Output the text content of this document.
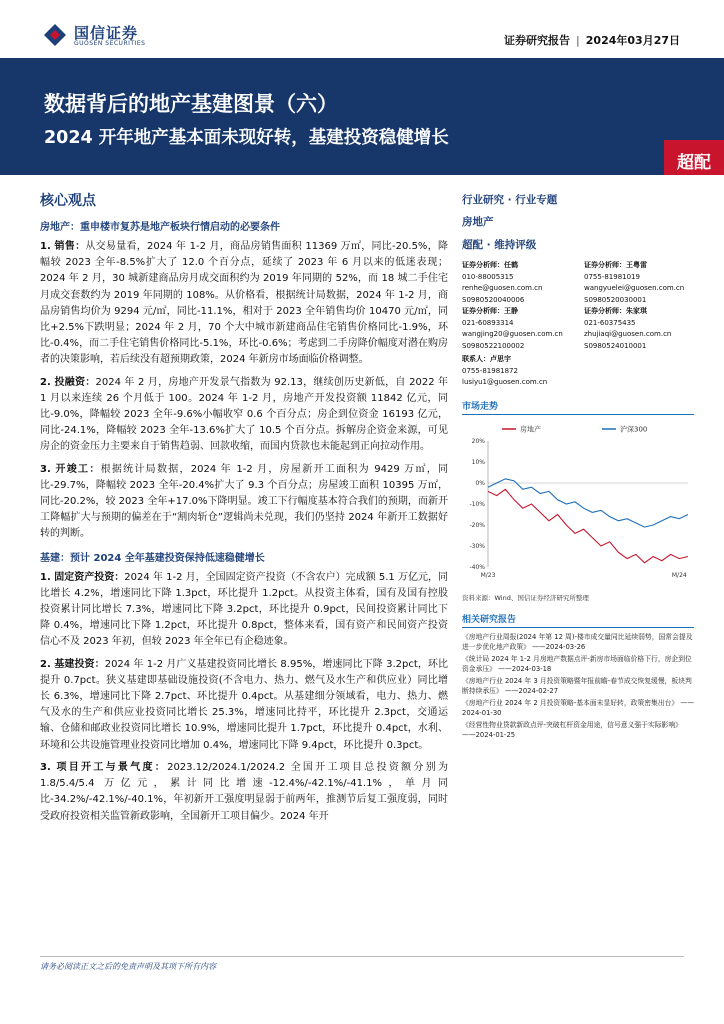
国信证券
GUOSEN SECURITIES	证券研究报告 | 2024年03月27日
数据背后的地产基建图景（六）
2024 开年地产基本面未现好转，基建投资稳健增长
超配
核心观点
房地产：重申楼市复苏是地产板块行情启动的必要条件

1. 销售：从交易量看，2024 年 1-2 月，商品房销售面积 11369 万㎡，同比-20.5%，降幅较 2023 全年-8.5%扩大了 12.0 个百分点，延续了 2023 年 6 月以来的低迷表现；2024 年 2 月，30 城新建商品房月成交面积约为 2019 年同期的 52%，而 18 城二手住宅月成交套数约为 2019 年同期的 108%。从价格看，根据统计局数据，2024 年 1-2 月，商品房销售均价为 9294 元/㎡，同比-11.1%，相对于 2023 全年销售均价 10470 元/㎡，同比+2.5%下跌明显；2024 年 2 月，70 个大中城市新建商品住宅销售价格同比-1.9%，环比-0.4%，而二手住宅销售价格同比-5.1%，环比-0.6%；考虑到二手房降价幅度对潜在购房者的决策影响，若后续没有超预期政策，2024 年新房市场面临价格调整。

2. 投融资：2024 年 2 月，房地产开发景气指数为 92.13，继续创历史新低，自 2022 年 1 月以来连续 26 个月低于 100。2024 年 1-2 月，房地产开发投资额 11842 亿元，同比-9.0%，降幅较 2023 全年-9.6%小幅收窄 0.6 个百分点；房企到位资金 16193 亿元，同比-24.1%，降幅较 2023 全年-13.6%扩大了 10.5 个百分点。拆解房企资金来源，可见房企的资金压力主要来自于销售趋弱、回款收缩，而国内贷款也未能起到正向拉动作用。

3. 开竣工：根据统计局数据，2024 年 1-2 月，房屋新开工面积为 9429 万㎡，同比-29.7%，降幅较 2023 全年-20.4%扩大了 9.3 个百分点；房屋竣工面积 10395 万㎡，同比-20.2%，较 2023 全年+17.0%下降明显。竣工下行幅度基本符合我们的预期，而新开工降幅扩大与预期的偏差在于“割肉斩仓”逻辑尚未兑现，我们仍坚持 2024 年新开工数据好转的判断。

基建：预计 2024 全年基建投资保持低速稳健增长

1. 固定资产投资：2024 年 1-2 月，全国固定资产投资（不含农户）完成额 5.1 万亿元，同比增长 4.2%，增速同比下降 1.3pct，环比提升 1.2pct。从投资主体看，国有及国有控股投资累计同比增长 7.3%，增速同比下降 3.2pct，环比提升 0.9pct，民间投资累计同比下降 0.4%，增速同比下降 1.2pct，环比提升 0.8pct，整体来看，国有资产和民间资产投资信心不及 2023 年初，但较 2023 年全年已有企稳迹象。

2. 基建投资：2024 年 1-2 月广义基建投资同比增长 8.95%，增速同比下降 3.2pct，环比提升 0.7pct。狭义基建即基础设施投资(不含电力、热力、燃气及水生产和供应业）同比增长 6.3%，增速同比下降 2.7pct、环比提升 0.4pct。从基建细分领域看，电力、热力、燃气及水的生产和供应业投资同比增长 25.3%，增速同比持平，环比提升 2.3pct，交通运输、仓储和邮政业投资同比增长 10.9%，增速同比提升 1.7pct，环比提升 0.4pct，水利、环境和公共设施管理业投资同比增加 0.4%，增速同比下降 9.4pct，环比提升 0.3pct。

3. 项目开工与景气度：2023.12/2024.1/2024.2 全国开工项目总投资额分别为 1.8/5.4/5.4 万亿元，累计同比增速-12.4%/-42.1%/-41.1%，单月同比-34.2%/-42.1%/-40.1%，年初新开工强度明显弱于前两年，推测节后复工强度弱，同时受政府投资相关监管新政影响，全国新开工项目偏少。2024 年开

行业研究 · 行业专题
房地产
超配 · 维持评级
证券分析师：任鹤
010-88005315
renhe@guosen.com.cn
S0980520040006
证券分析师：王静
021-60893314
wangjing20@guosen.com.cn
S0980522100002
证券分析师：王粤雷
0755-81981019
wangyuelei@guosen.com.cn
S0980520030001
证券分析师：朱家琪
021-60375435
zhujiaqi@guosen.com.cn
S0980524010001
联系人：卢思宇
0755-81981872
lusiyu1@guosen.com.cn
市场走势
20%
10%
0%
-10%
-20%
-30%
-40%
M/23	M/24
房地产	沪深300
资料来源：Wind、国信证券经济研究所整理
相关研究报告
《房地产行业周报(2024 年第 12 周)-楼市成交量同比延续弱势，国常会提及进一步优化地产政策》 ——2024-03-26
《统计局 2024 年 1-2 月房地产数据点评-新房市场面临价格下行，房企到位资金承压》 ——2024-03-18
《房地产行业 2024 年 3 月投资策略暨年报前瞻-春节成交恢复缓慢，板块判断持续承压》 ——2024-02-27
《房地产行业 2024 年 2 月投资策略-基本面未显好转，政策密集出台》 ——2024-01-30
《经营性物业贷款新政点评-突破杠杆资金用途，信号意义强于实际影响》 ——2024-01-25
请务必阅读正文之后的免责声明及其项下所有内容
